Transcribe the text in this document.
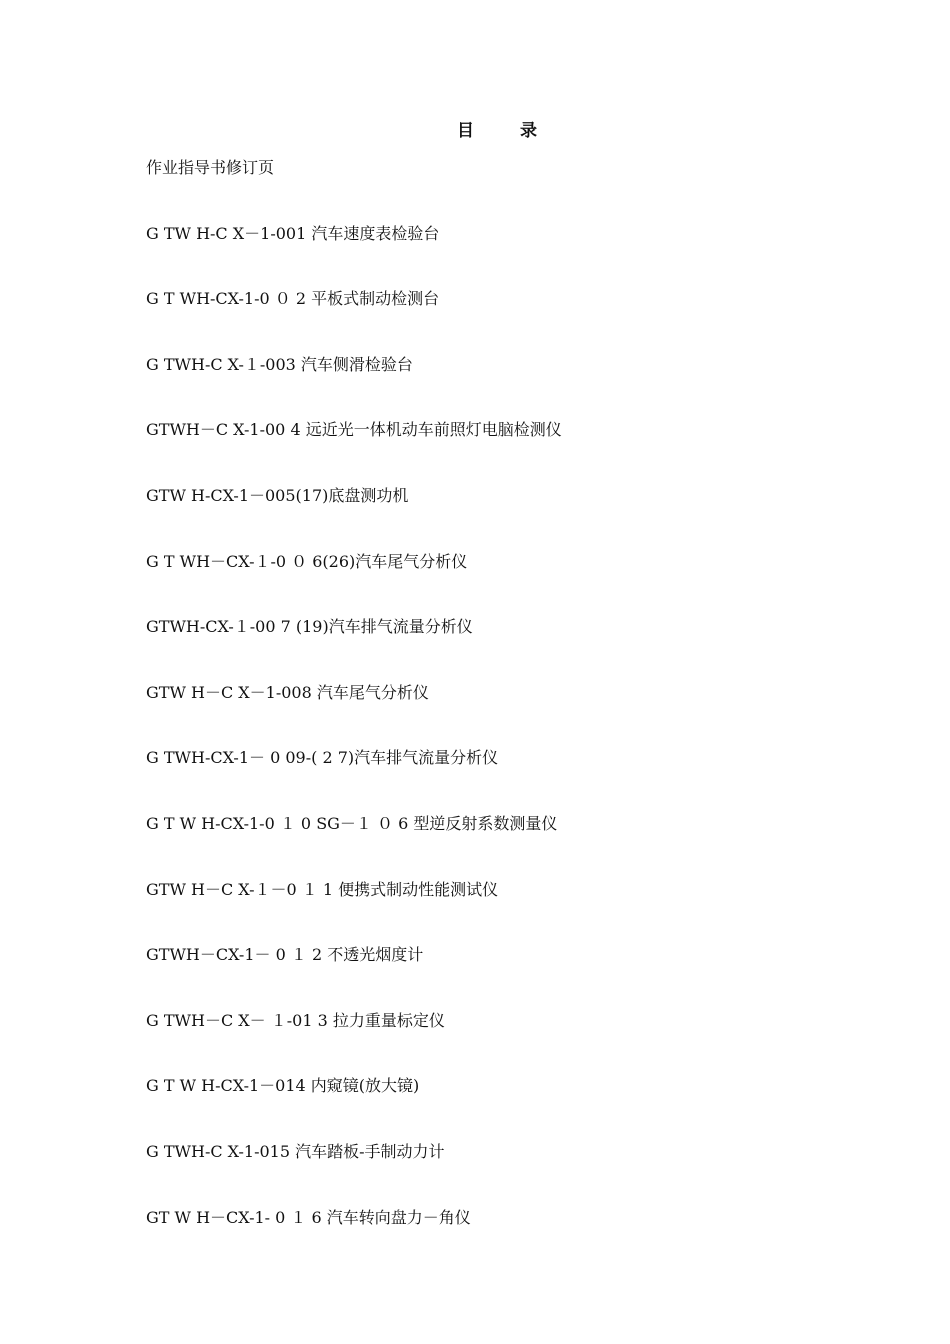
目	录
作业指导书修订页
G TW H-C X－1-001 汽车速度表检验台
G T WH-CX-1-0 ０ 2 平板式制动检测台
G TWH-C X-１-003 汽车侧滑检验台
GTWH－C X-1-00 4 远近光一体机动车前照灯电脑检测仪
GTW H-CX-1－005(17)底盘测功机
G T WH－CX-１-0 ０ 6(26)汽车尾气分析仪
GTWH-CX-１-00 7 (19)汽车排气流量分析仪
GTW H－C X－1-008 汽车尾气分析仪
G TWH-CX-1－ 0 09-( 2 7)汽车排气流量分析仪
G T W H-CX-1-0 １ 0 SG－１ ０ 6 型逆反射系数测量仪
GTW H－C X-１－0 １ 1 便携式制动性能测试仪
GTWH－CX-1－ 0 １ 2 不透光烟度计
G TWH－C X－ １-01 3 拉力重量标定仪
G T W H-CX-1－014 内窥镜(放大镜)
G TWH-C X-1-015 汽车踏板-手制动力计
GT W H－CX-1- 0 １ 6 汽车转向盘力－角仪
